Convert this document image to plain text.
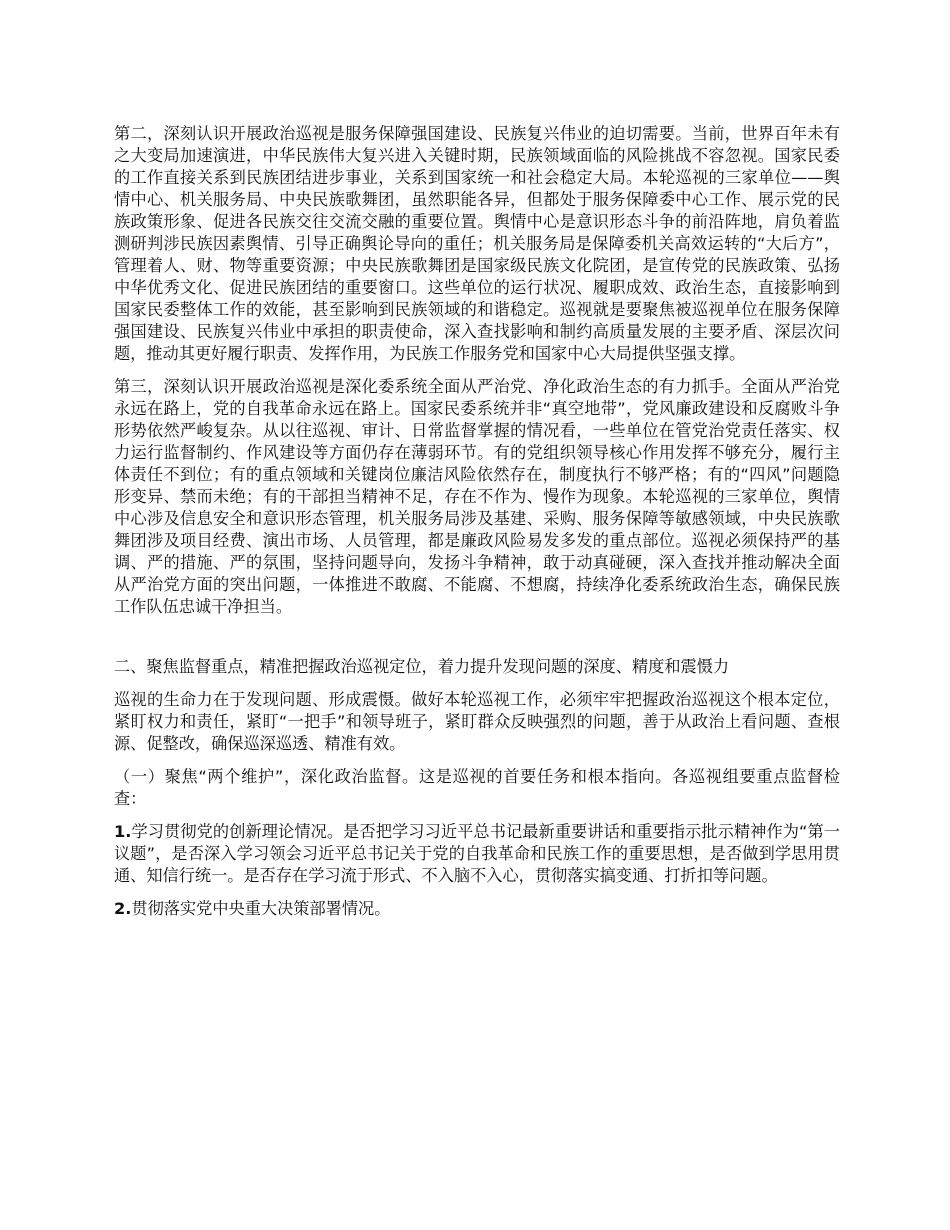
第二，深刻认识开展政治巡视是服务保障强国建设、民族复兴伟业的迫切需要。当前，世界百年未有之大变局加速演进，中华民族伟大复兴进入关键时期，民族领域面临的风险挑战不容忽视。国家民委的工作直接关系到民族团结进步事业，关系到国家统一和社会稳定大局。本轮巡视的三家单位——舆情中心、机关服务局、中央民族歌舞团，虽然职能各异，但都处于服务保障委中心工作、展示党的民族政策形象、促进各民族交往交流交融的重要位置。舆情中心是意识形态斗争的前沿阵地，肩负着监测研判涉民族因素舆情、引导正确舆论导向的重任；机关服务局是保障委机关高效运转的“大后方”，管理着人、财、物等重要资源；中央民族歌舞团是国家级民族文化院团，是宣传党的民族政策、弘扬中华优秀文化、促进民族团结的重要窗口。这些单位的运行状况、履职成效、政治生态，直接影响到国家民委整体工作的效能，甚至影响到民族领域的和谐稳定。巡视就是要聚焦被巡视单位在服务保障强国建设、民族复兴伟业中承担的职责使命，深入查找影响和制约高质量发展的主要矛盾、深层次问题，推动其更好履行职责、发挥作用，为民族工作服务党和国家中心大局提供坚强支撑。

第三，深刻认识开展政治巡视是深化委系统全面从严治党、净化政治生态的有力抓手。全面从严治党永远在路上，党的自我革命永远在路上。国家民委系统并非“真空地带”，党风廉政建设和反腐败斗争形势依然严峻复杂。从以往巡视、审计、日常监督掌握的情况看，一些单位在管党治党责任落实、权力运行监督制约、作风建设等方面仍存在薄弱环节。有的党组织领导核心作用发挥不够充分，履行主体责任不到位；有的重点领域和关键岗位廉洁风险依然存在，制度执行不够严格；有的“四风”问题隐形变异、禁而未绝；有的干部担当精神不足，存在不作为、慢作为现象。本轮巡视的三家单位，舆情中心涉及信息安全和意识形态管理，机关服务局涉及基建、采购、服务保障等敏感领域，中央民族歌舞团涉及项目经费、演出市场、人员管理，都是廉政风险易发多发的重点部位。巡视必须保持严的基调、严的措施、严的氛围，坚持问题导向，发扬斗争精神，敢于动真碰硬，深入查找并推动解决全面从严治党方面的突出问题，一体推进不敢腐、不能腐、不想腐，持续净化委系统政治生态，确保民族工作队伍忠诚干净担当。

二、聚焦监督重点，精准把握政治巡视定位，着力提升发现问题的深度、精度和震慑力

巡视的生命力在于发现问题、形成震慑。做好本轮巡视工作，必须牢牢把握政治巡视这个根本定位，紧盯权力和责任，紧盯“一把手”和领导班子，紧盯群众反映强烈的问题，善于从政治上看问题、查根源、促整改，确保巡深巡透、精准有效。

（一）聚焦“两个维护”，深化政治监督。这是巡视的首要任务和根本指向。各巡视组要重点监督检查：

1.学习贯彻党的创新理论情况。是否把学习习近平总书记最新重要讲话和重要指示批示精神作为“第一议题”，是否深入学习领会习近平总书记关于党的自我革命和民族工作的重要思想，是否做到学思用贯通、知信行统一。是否存在学习流于形式、不入脑不入心，贯彻落实搞变通、打折扣等问题。

2.贯彻落实党中央重大决策部署情况。
